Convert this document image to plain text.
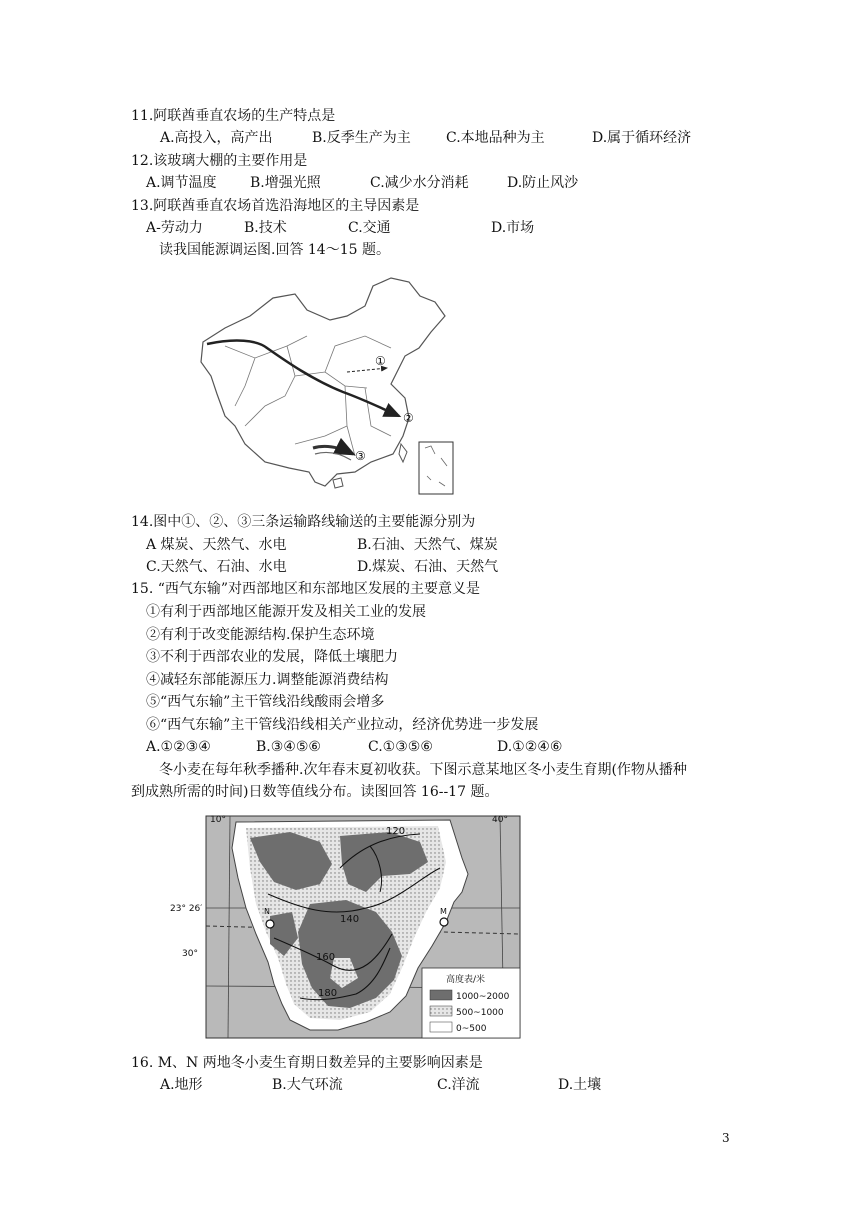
11.阿联酋垂直农场的生产特点是
A.高投入，高产出	B.反季生产为主	C.本地品种为主	D.属于循环经济
12.该玻璃大棚的主要作用是
A.调节温度 B.增强光照	C.减少水分消耗	D.防止风沙
13.阿联酋垂直农场首选沿海地区的主导因素是
A-劳动力	B.技术	C.交通	D.市场
读我国能源调运图.回答 14～15 题。
①
②
③
14.图中①、②、③三条运输路线输送的主要能源分别为
A 煤炭、天然气、水电	B.石油、天然气、煤炭
C.天然气、石油、水电	D.煤炭、石油、天然气
15. “西气东输”对西部地区和东部地区发展的主要意义是
①有利于西部地区能源开发及相关工业的发展
②有利于改变能源结构.保护生态环境
③不利于西部农业的发展，降低土壤肥力
④减轻东部能源压力.调整能源消费结构
⑤“西气东输”主干管线沿线酸雨会增多
⑥“西气东输”主干管线沿线相关产业拉动，经济优势进一步发展
A.①②③④	B.③④⑤⑥	C.①③⑤⑥	D.①②④⑥
冬小麦在每年秋季播种.次年春末夏初收获。下图示意某地区冬小麦生育期(作物从播种
到成熟所需的时间)日数等值线分布。读图回答 16--17 题。
10°	40°
23° 26′
30°
120
140
160
180
N	M
高度表/米
1000~2000
500~1000
0~500
16. M、N 两地冬小麦生育期日数差异的主要影响因素是
A.地形	B.大气环流	C.洋流	D.土壤
3
